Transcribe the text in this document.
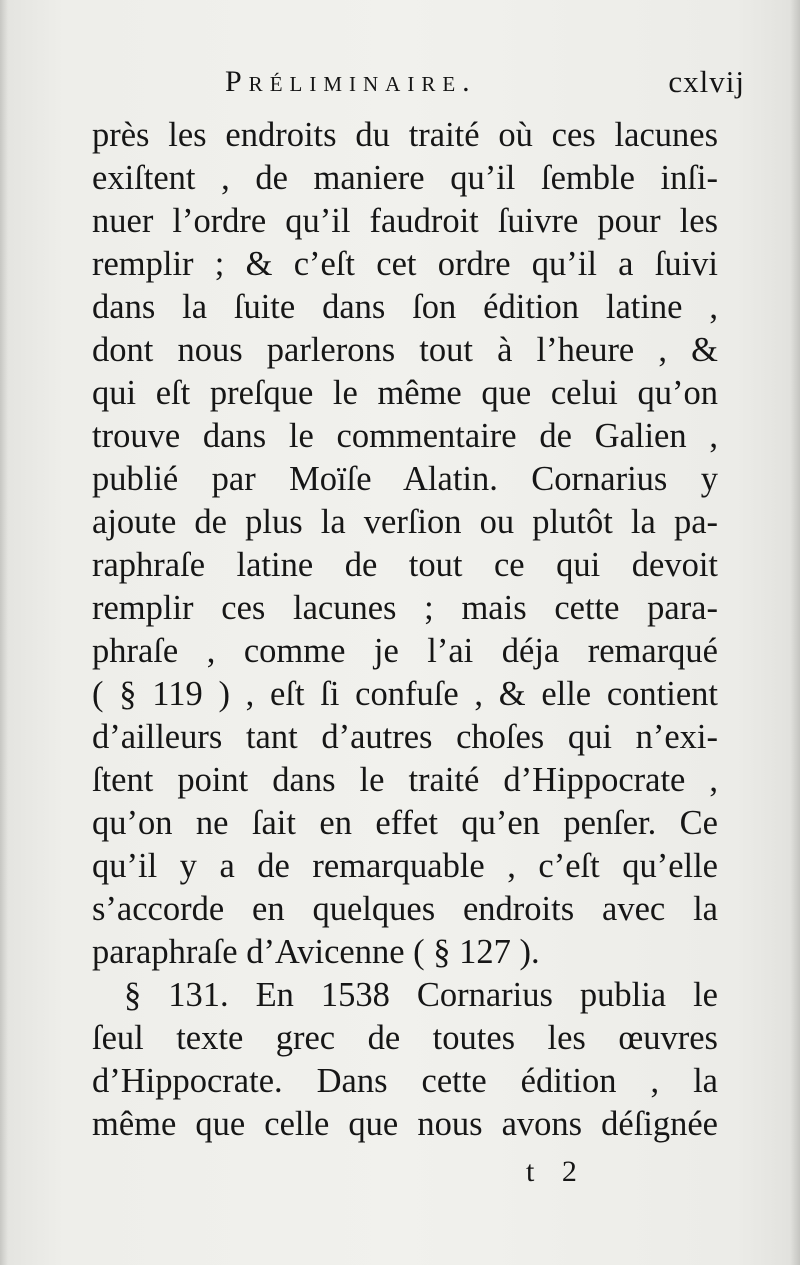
Préliminaire.	cxlvij
près les endroits du traité où ces lacunes
exiſtent , de maniere qu’il ſemble inſi-
nuer l’ordre qu’il faudroit ſuivre pour les
remplir ; & c’eſt cet ordre qu’il a ſuivi
dans la ſuite dans ſon édition latine ,
dont nous parlerons tout à l’heure , &
qui eſt preſque le même que celui qu’on
trouve dans le commentaire de Galien ,
publié par Moïſe Alatin. Cornarius y
ajoute de plus la verſion ou plutôt la pa-
raphraſe latine de tout ce qui devoit
remplir ces lacunes ; mais cette para-
phraſe , comme je l’ai déja remarqué
( § 119 ) , eſt ſi confuſe , & elle contient
d’ailleurs tant d’autres choſes qui n’exi-
ſtent point dans le traité d’Hippocrate ,
qu’on ne ſait en effet qu’en penſer. Ce
qu’il y a de remarquable , c’eſt qu’elle
s’accorde en quelques endroits avec la
paraphraſe d’Avicenne ( § 127 ).
§ 131. En 1538 Cornarius publia le
ſeul texte grec de toutes les œuvres
d’Hippocrate. Dans cette édition , la
même que celle que nous avons déſignée
t 2
